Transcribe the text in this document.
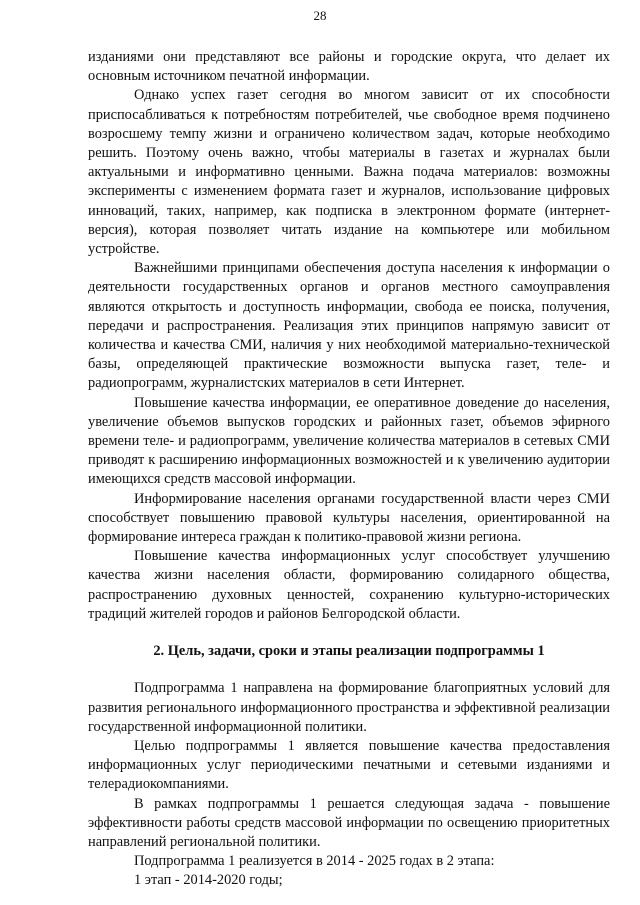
28

изданиями они представляют все районы и городские округа, что делает их основным источником печатной информации.

Однако успех газет сегодня во многом зависит от их способности приспосабливаться к потребностям потребителей, чье свободное время подчинено возросшему темпу жизни и ограничено количеством задач, которые необходимо решить. Поэтому очень важно, чтобы материалы в газетах и журналах были актуальными и информативно ценными. Важна подача материалов: возможны эксперименты с изменением формата газет и журналов, использование цифровых инноваций, таких, например, как подписка в электронном формате (интернет-версия), которая позволяет читать издание на компьютере или мобильном устройстве.

Важнейшими принципами обеспечения доступа населения к информации о деятельности государственных органов и органов местного самоуправления являются открытость и доступность информации, свобода ее поиска, получения, передачи и распространения. Реализация этих принципов напрямую зависит от количества и качества СМИ, наличия у них необходимой материально-технической базы, определяющей практические возможности выпуска газет, теле- и радиопрограмм, журналистских материалов в сети Интернет.

Повышение качества информации, ее оперативное доведение до населения, увеличение объемов выпусков городских и районных газет, объемов эфирного времени теле- и радиопрограмм, увеличение количества материалов в сетевых СМИ приводят к расширению информационных возможностей и к увеличению аудитории имеющихся средств массовой информации.

Информирование населения органами государственной власти через СМИ способствует повышению правовой культуры населения, ориентированной на формирование интереса граждан к политико-правовой жизни региона.

Повышение качества информационных услуг способствует улучшению качества жизни населения области, формированию солидарного общества, распространению духовных ценностей, сохранению культурно-исторических традиций жителей городов и районов Белгородской области.

2. Цель, задачи, сроки и этапы реализации подпрограммы 1

Подпрограмма 1 направлена на формирование благоприятных условий для развития регионального информационного пространства и эффективной реализации государственной информационной политики.

Целью подпрограммы 1 является повышение качества предоставления информационных услуг периодическими печатными и сетевыми изданиями и телерадиокомпаниями.

В рамках подпрограммы 1 решается следующая задача - повышение эффективности работы средств массовой информации по освещению приоритетных направлений региональной политики.

Подпрограмма 1 реализуется в 2014 - 2025 годах в 2 этапа:

1 этап - 2014-2020 годы;
